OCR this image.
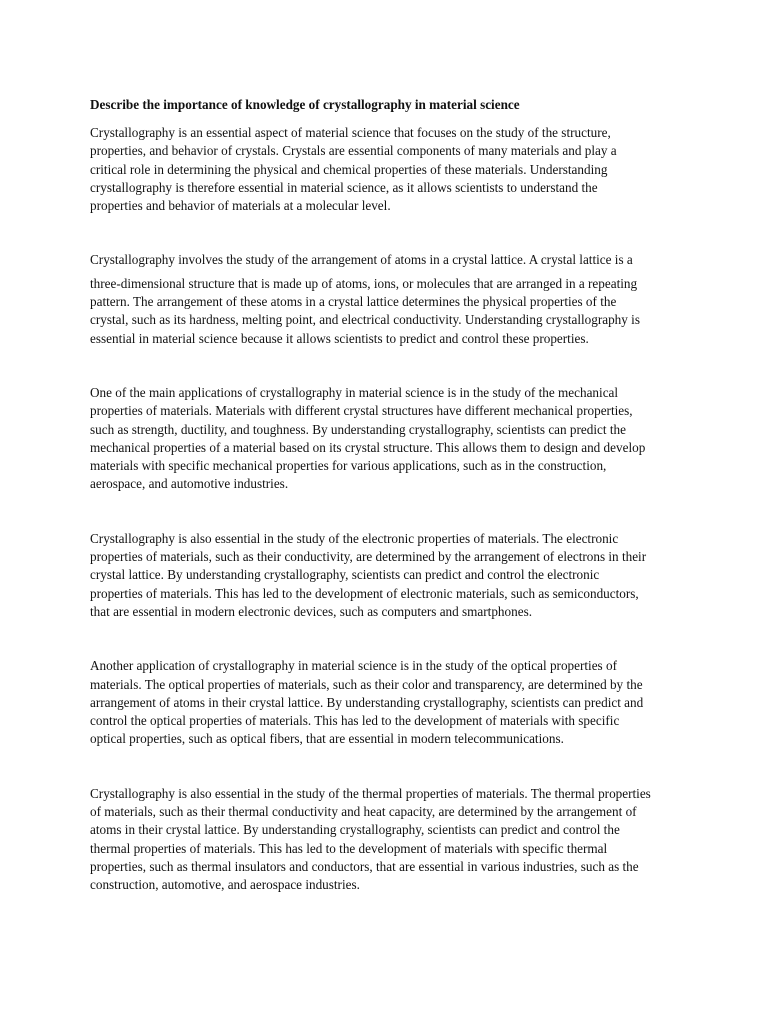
Describe the importance of knowledge of crystallography in material science

Crystallography is an essential aspect of material science that focuses on the study of the structure,
properties, and behavior of crystals. Crystals are essential components of many materials and play a
critical role in determining the physical and chemical properties of these materials. Understanding
crystallography is therefore essential in material science, as it allows scientists to understand the
properties and behavior of materials at a molecular level.

Crystallography involves the study of the arrangement of atoms in a crystal lattice. A crystal lattice is a

three-dimensional structure that is made up of atoms, ions, or molecules that are arranged in a repeating
pattern. The arrangement of these atoms in a crystal lattice determines the physical properties of the
crystal, such as its hardness, melting point, and electrical conductivity. Understanding crystallography is
essential in material science because it allows scientists to predict and control these properties.

One of the main applications of crystallography in material science is in the study of the mechanical
properties of materials. Materials with different crystal structures have different mechanical properties,
such as strength, ductility, and toughness. By understanding crystallography, scientists can predict the
mechanical properties of a material based on its crystal structure. This allows them to design and develop
materials with specific mechanical properties for various applications, such as in the construction,
aerospace, and automotive industries.

Crystallography is also essential in the study of the electronic properties of materials. The electronic
properties of materials, such as their conductivity, are determined by the arrangement of electrons in their
crystal lattice. By understanding crystallography, scientists can predict and control the electronic
properties of materials. This has led to the development of electronic materials, such as semiconductors,
that are essential in modern electronic devices, such as computers and smartphones.

Another application of crystallography in material science is in the study of the optical properties of
materials. The optical properties of materials, such as their color and transparency, are determined by the
arrangement of atoms in their crystal lattice. By understanding crystallography, scientists can predict and
control the optical properties of materials. This has led to the development of materials with specific
optical properties, such as optical fibers, that are essential in modern telecommunications.

Crystallography is also essential in the study of the thermal properties of materials. The thermal properties
of materials, such as their thermal conductivity and heat capacity, are determined by the arrangement of
atoms in their crystal lattice. By understanding crystallography, scientists can predict and control the
thermal properties of materials. This has led to the development of materials with specific thermal
properties, such as thermal insulators and conductors, that are essential in various industries, such as the
construction, automotive, and aerospace industries.
